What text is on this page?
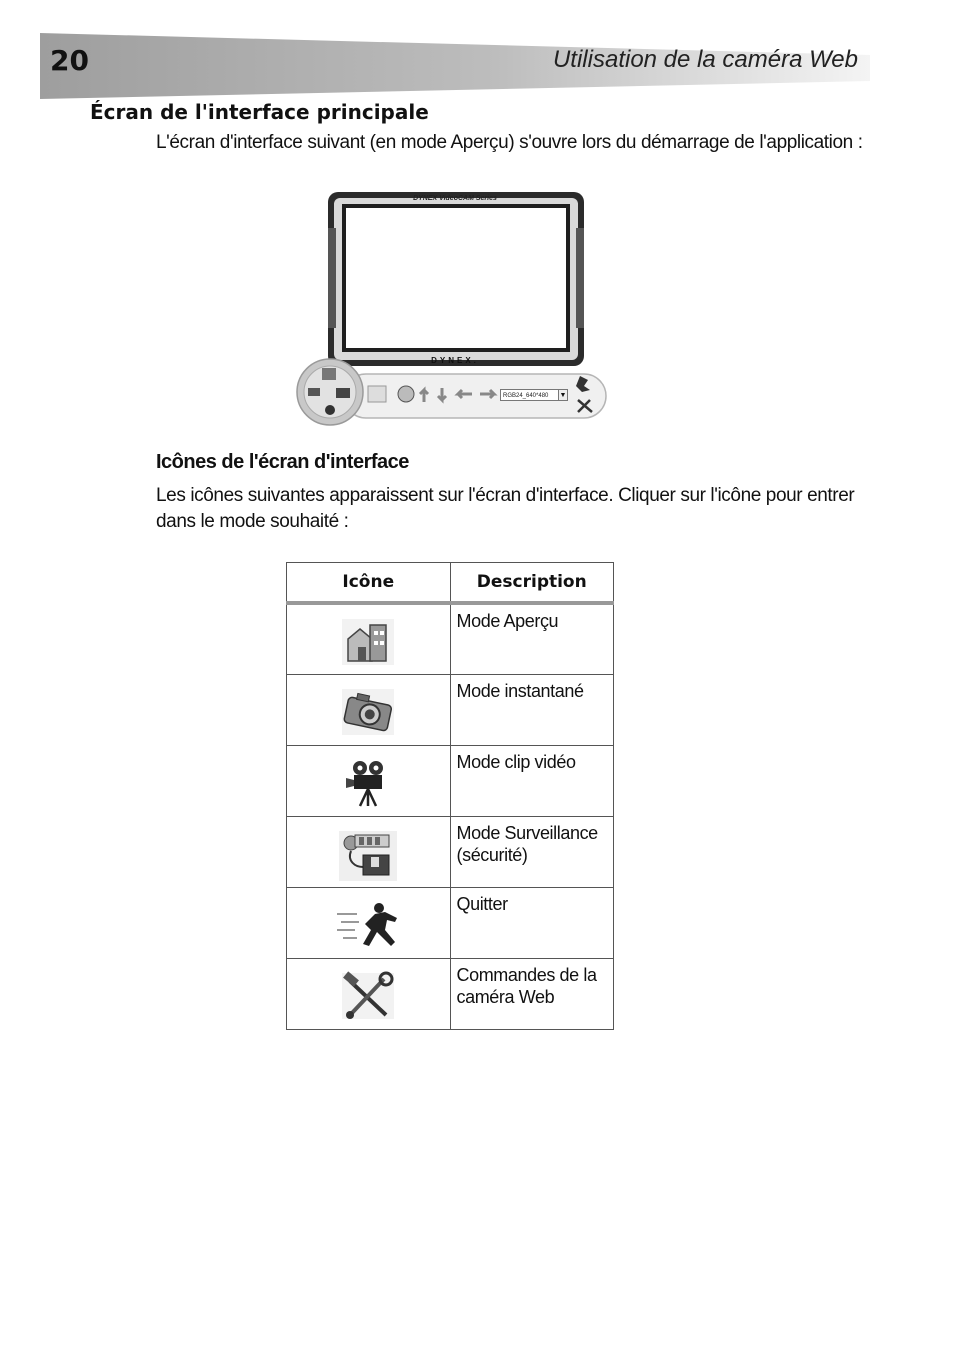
20	Utilisation de la caméra Web
Écran de l'interface principale

L'écran d'interface suivant (en mode Aperçu) s'ouvre lors du démarrage de l'application :

DYNEX VideoCAM Series
DYNEX.
RGB24_640*480	▼
Icônes de l'écran d'interface

Les icônes suivantes apparaissent sur l'écran d'interface. Cliquer sur l'icône pour entrer dans le mode souhaité :

Icône	Description

	Mode Aperçu

	Mode instantané

	Mode clip vidéo

	Mode Surveillance (sécurité)

	Quitter

	Commandes de la caméra Web
